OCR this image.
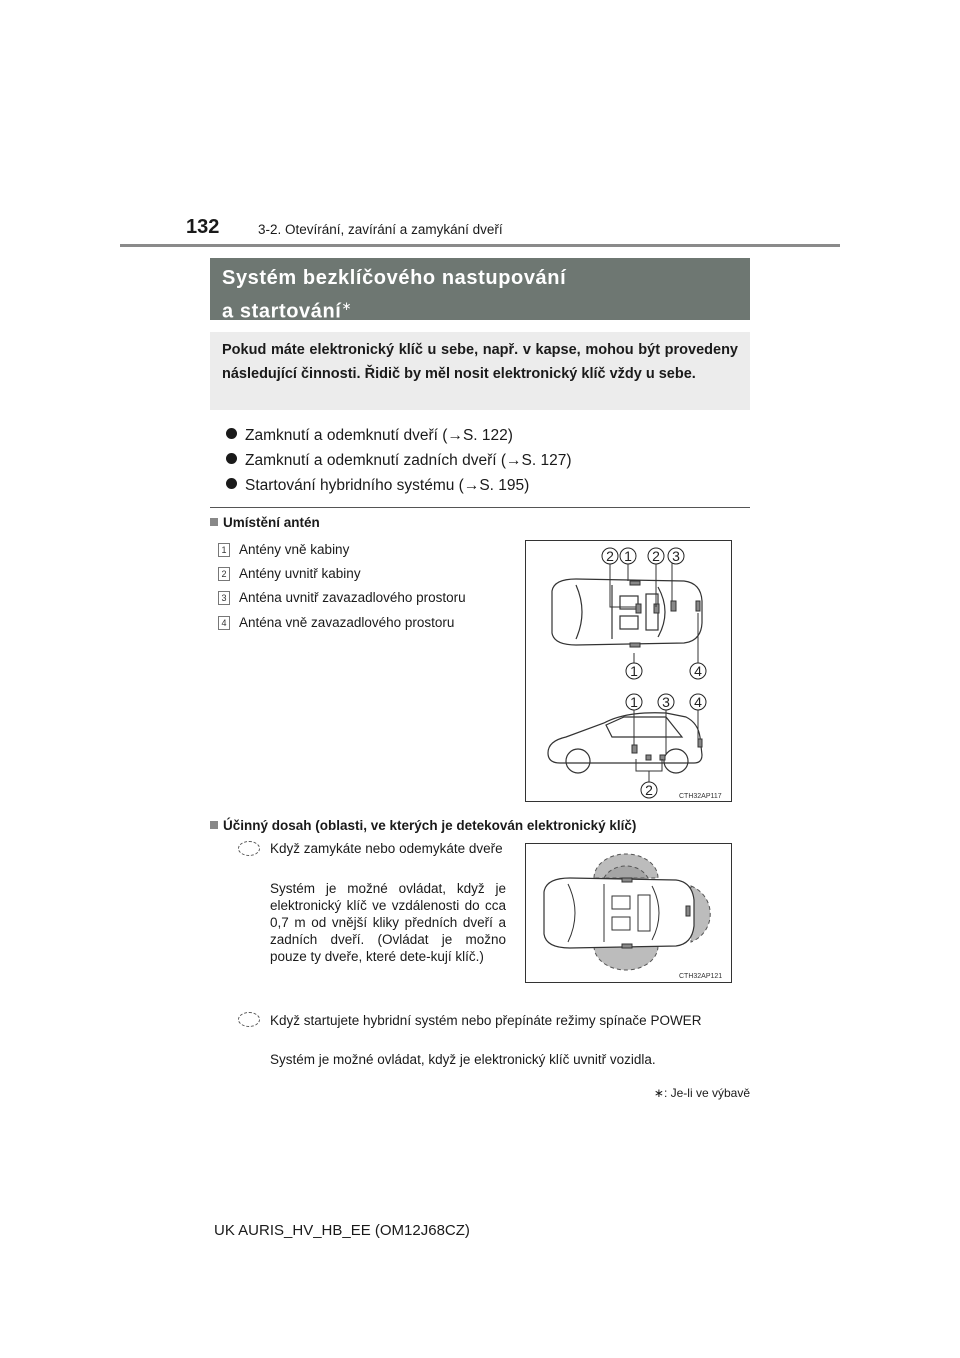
132	3-2. Otevírání, zavírání a zamykání dveří
Systém bezklíčového nastupování
a startování∗
Pokud máte elektronický klíč u sebe, např. v kapse, mohou být provedeny následující činnosti. Řidič by měl nosit elektronický klíč vždy u sebe.
Zamknutí a odemknutí dveří (→S. 122)
Zamknutí a odemknutí zadních dveří (→S. 127)
Startování hybridního systému (→S. 195)
Umístění antén
1 Antény vně kabiny
2 Antény uvnitř kabiny
3 Anténa uvnitř zavazadlového prostoru
4 Anténa vně zavazadlového prostoru
2 1 2 3
1	4
1 3 4
2	CTH32AP117
Účinný dosah (oblasti, ve kterých je detekován elektronický klíč)
Když zamykáte nebo odemykáte dveře
Systém je možné ovládat, když je elektronický klíč ve vzdálenosti do cca 0,7 m od vnější kliky předních dveří a zadních dveří. (Ovládat je možno pouze ty dveře, které dete-kují klíč.)
CTH32AP121
Když startujete hybridní systém nebo přepínáte režimy spínače POWER
Systém je možné ovládat, když je elektronický klíč uvnitř vozidla.
∗: Je-li ve výbavě
UK AURIS_HV_HB_EE (OM12J68CZ)
